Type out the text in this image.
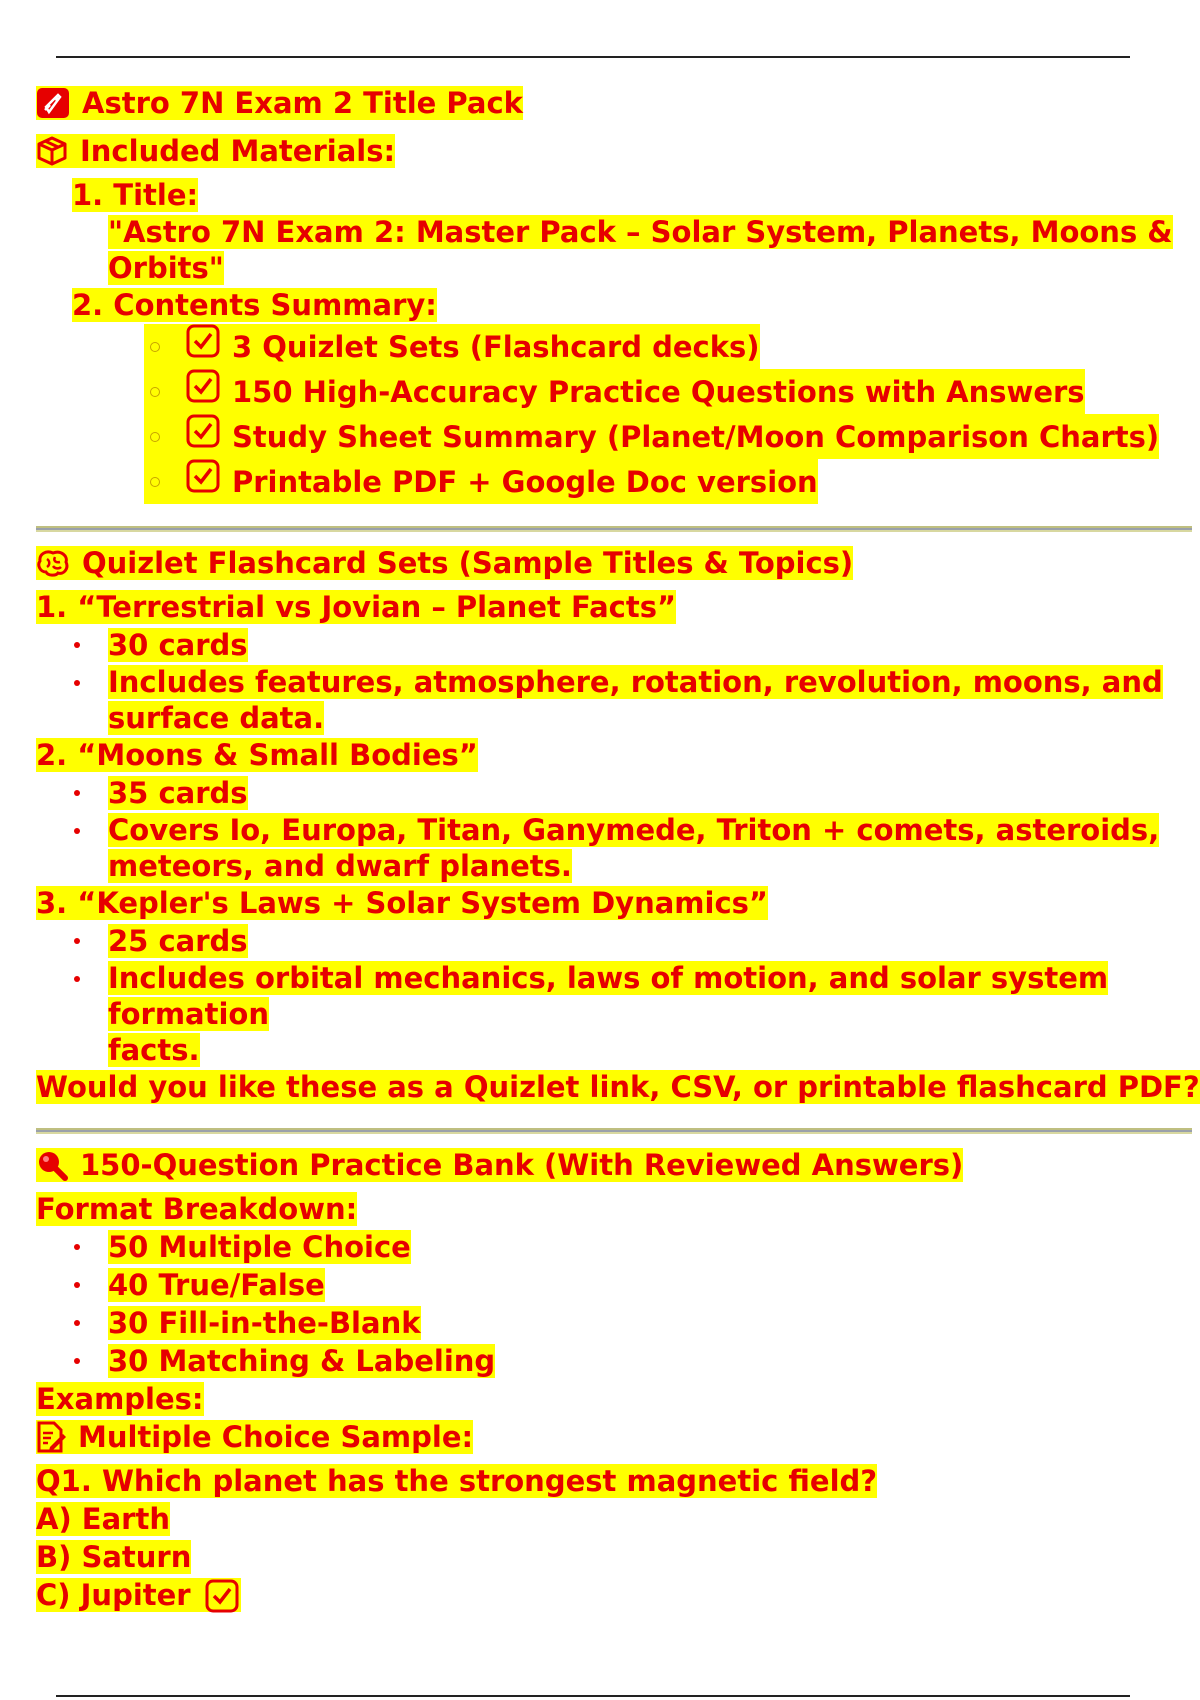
Astro 7N Exam 2 Title Pack
Included Materials:
1. Title:
"Astro 7N Exam 2: Master Pack – Solar System, Planets, Moons &
Orbits"
2. Contents Summary:
3 Quizlet Sets (Flashcard decks)
150 High-Accuracy Practice Questions with Answers
Study Sheet Summary (Planet/Moon Comparison Charts)
Printable PDF + Google Doc version
Quizlet Flashcard Sets (Sample Titles & Topics)
1. “Terrestrial vs Jovian – Planet Facts”
30 cards
Includes features, atmosphere, rotation, revolution, moons, and
surface data.
2. “Moons & Small Bodies”
35 cards
Covers Io, Europa, Titan, Ganymede, Triton + comets, asteroids,
meteors, and dwarf planets.
3. “Kepler's Laws + Solar System Dynamics”
25 cards
Includes orbital mechanics, laws of motion, and solar system formation
facts.
Would you like these as a Quizlet link, CSV, or printable flashcard PDF?
150-Question Practice Bank (With Reviewed Answers)
Format Breakdown:
50 Multiple Choice
40 True/False
30 Fill-in-the-Blank
30 Matching & Labeling
Examples:
Multiple Choice Sample:
Q1. Which planet has the strongest magnetic field?
A) Earth
B) Saturn
C) Jupiter
